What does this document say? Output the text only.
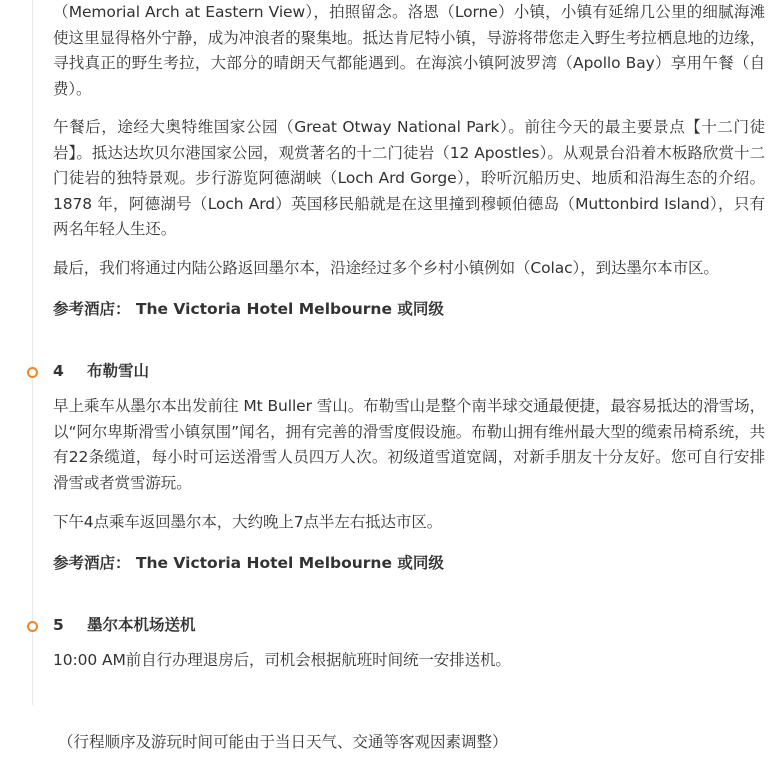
（Memorial Arch at Eastern View），拍照留念。洛恩（Lorne）小镇，小镇有延绵几公里的细腻海滩使这里显得格外宁静，成为冲浪者的聚集地。抵达肯尼特小镇，导游将带您走入野生考拉栖息地的边缘，寻找真正的野生考拉，大部分的晴朗天气都能遇到。在海滨小镇阿波罗湾（Apollo Bay）享用午餐（自费）。

午餐后，途经大奥特维国家公园（Great Otway National Park）。前往今天的最主要景点【十二门徒岩】。抵达达坎贝尔港国家公园，观赏著名的十二门徒岩（12 Apostles）。从观景台沿着木板路欣赏十二门徒岩的独特景观。步行游览阿德湖峡（Loch Ard Gorge），聆听沉船历史、地质和沿海生态的介绍。 1878 年，阿德湖号（Loch Ard）英国移民船就是在这里撞到穆顿伯德岛（Muttonbird Island），只有两名年轻人生还。

最后，我们将通过内陆公路返回墨尔本，沿途经过多个乡村小镇例如（Colac），到达墨尔本市区。

参考酒店： The Victoria Hotel Melbourne 或同级

4 布勒雪山

早上乘车从墨尔本出发前往 Mt Buller 雪山。布勒雪山是整个南半球交通最便捷，最容易抵达的滑雪场，以“阿尔卑斯滑雪小镇氛围”闻名，拥有完善的滑雪度假设施。布勒山拥有维州最大型的缆索吊椅系统，共有22条缆道，每小时可运送滑雪人员四万人次。初级道雪道宽阔，对新手朋友十分友好。您可自行安排滑雪或者赏雪游玩。

下午4点乘车返回墨尔本，大约晚上7点半左右抵达市区。

参考酒店： The Victoria Hotel Melbourne 或同级

5 墨尔本机场送机

10:00 AM前自行办理退房后，司机会根据航班时间统一安排送机。

（行程顺序及游玩时间可能由于当日天气、交通等客观因素调整）
